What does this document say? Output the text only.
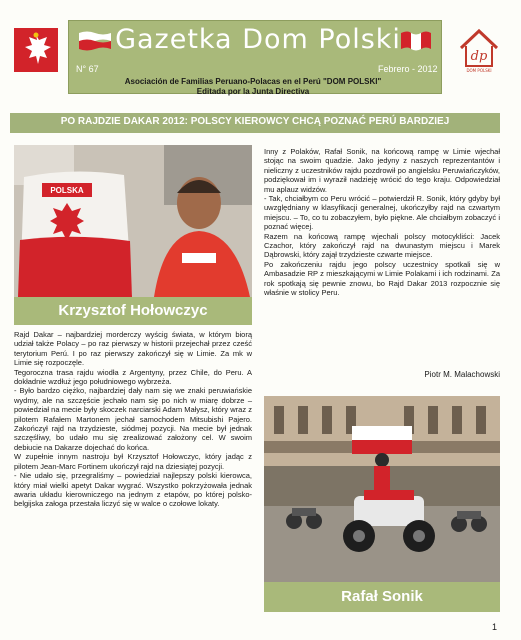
Gazetka Dom Polski
N° 67	Febrero - 2012
Asociación de Familias Peruano-Polacas en el Perú "DOM POLSKI"
Editada por la Junta Directiva
dp
DOM POLSKI
PO RAJDZIE DAKAR 2012: POLSCY KIEROWCY CHCĄ POZNAĆ PERÚ BARDZIEJ
POLSKA
Krzysztof Hołowczyc

Rajd Dakar – najbardziej morderczy wyścig świata, w którym biorą udział także Polacy – po raz pierwszy w historii przejechał przez cześć terytorium Perú. I po raz pierwszy zakończył się w Limie. Za mk w Limie się rozpoczęle.

Tegoroczna trasa rajdu wiodła z Argentyny, przez Chile, do Peru. A dokładnie wzdłuż jego południowego wybrzeża.

- Było bardzo ciężko, najbardziej dały nam się we znaki peruwiańskie wydmy, ale na szczęście jechało nam się po nich w miarę dobrze – powiedział na mecie były skoczek narciarski Adam Małysz, który wraz z pilotem Rafałem Martonem jechał samochodem Mitsubishi Pajero. Zakończył rajd na trzydzieste, siódmej pozycji. Na mecie był jednak szczęśliwy, bo udało mu się zrealizować założony cel. W swoim debiucie na Dakarze dojechać do końca.

W zupełnie innym nastroju był Krzysztof Hołowczyc, który jadąc z pilotem Jean-Marc Fortinem ukończył rajd na dziesiątej pozycji.

- Nie udało się, przegraliśmy – powiedział najlepszy polski kierowca, który miał wielki apetyt Dakar wygrać. Wszystko pokrzyżowała jednak awaria układu kierowniczego na jednym z etapów, po której polsko-belgijska załoga przestała liczyć się w walce o czołowe lokaty.

Inny z Polaków, Rafał Sonik, na końcową rampę w Limie wjechał stojąc na swoim quadzie. Jako jedyny z naszych reprezentantów i nieliczny z uczestników rajdu pozdrowił po angielsku Peruwiańczyków, podziękował im i wyraził nadzieję wrócić do tego kraju. Odpowiedział mu aplauz widzów.

- Tak, chciałbym co Peru wrócić – potwierdził R. Sonik, który gdyby był uwzględniany w klasyfikacji generalnej, ukończyłby rajd na czwartym miejscu. – To, co tu zobaczyłem, było piękne. Ale chciałbym zobaczyć i poznać więcej.

Razem na końcową rampę wjechali polscy motocykliści: Jacek Czachor, który zakończył rajd na dwunastym miejscu i Marek Dąbrowski, który zajął trzydzieste czwarte miejsce.

Po zakończeniu rajdu jego polscy uczestnicy spotkali się w Ambasadzie RP z mieszkającymi w Limie Polakami i ich rodzinami. Za rok spotkają się pewnie znowu, bo Rajd Dakar 2013 rozpocznie się właśnie w stolicy Peru.

Piotr M. Malachowski
Rafał Sonik
1
